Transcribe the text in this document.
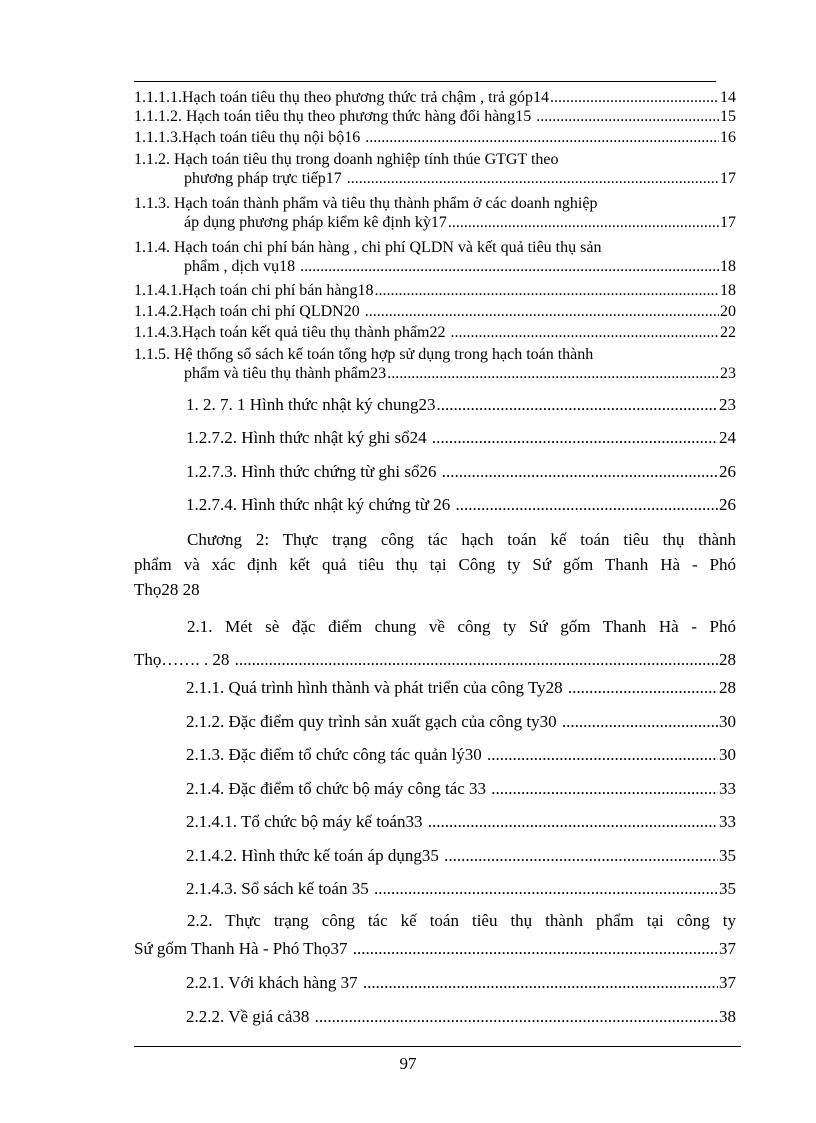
1.1.1.1.Hạch toán tiêu thụ theo phương thức trả chậm , trả góp14 .....	14
1.1.1.2. Hạch toán tiêu thụ theo phương thức hàng đổi hàng15 .....	15
1.1.1.3.Hạch toán tiêu thụ nội bộ16 .....	16
1.1.2. Hạch toán tiêu thụ trong doanh nghiệp tính thúe GTGT theo
phương pháp trực tiếp17 .....	17
1.1.3. Hạch toán thành phẩm và tiêu thụ thành phẩm ở các doanh nghiệp
áp dụng phương pháp kiểm kê định kỳ17 .....	17
1.1.4. Hạch toán chi phí bán hàng , chi phí QLDN và kết quả tiêu thụ sản
phẩm , dịch vụ18 .....	18
1.1.4.1.Hạch toán chi phí bán hàng18 .....	18
1.1.4.2.Hạch toán chi phí QLDN20 .....	20
1.1.4.3.Hạch toán kết quả tiêu thụ thành phẩm22 .....	22
1.1.5. Hệ thống sổ sách kế toán tổng hợp sử dụng trong hạch toán thành
phẩm và tiêu thụ thành phẩm23 .....	23
1. 2. 7. 1 Hình thức nhật ký chung23 .....	23
1.2.7.2. Hình thức nhật ký ghi sổ24 .....	24
1.2.7.3. Hình thức chứng từ ghi sổ26 .....	26
1.2.7.4. Hình thức nhật ký chứng từ 26 .....	26
Chương 2: Thực trạng công tác hạch toán kế toán tiêu thụ thành
phẩm và xác định kết quả tiêu thụ tại Công ty Sứ gốm Thanh Hà - Phó
Thọ28 28
2.1. Mét sè đặc điểm chung về công ty Sứ gốm Thanh Hà - Phó
Thọ……. . 28 .....	28
2.1.1. Quá trình hình thành và phát triển của công Ty28 .....	28
2.1.2. Đặc điểm quy trình sản xuất gạch của công ty30 .....	30
2.1.3. Đặc điểm tổ chức công tác quản lý30 .....	30
2.1.4. Đặc điểm tổ chức bộ máy công tác 33 .....	33
2.1.4.1. Tổ chức bộ máy kế toán33 .....	33
2.1.4.2. Hình thức kế toán áp dụng35 .....	35
2.1.4.3. Sổ sách kế toán 35 .....	35
2.2. Thực trạng công tác kế toán tiêu thụ thành phẩm tại công ty
Sứ gốm Thanh Hà - Phó Thọ37 .....	37
2.2.1. Với khách hàng 37 .....	37
2.2.2. Về giá cả38 .....	38
97
